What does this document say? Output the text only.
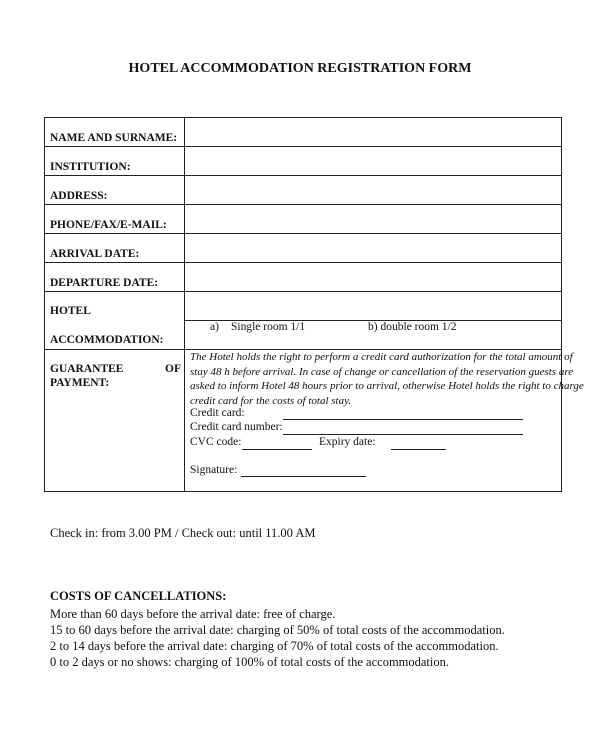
HOTEL ACCOMMODATION REGISTRATION FORM
NAME AND SURNAME:
INSTITUTION:
ADDRESS:
PHONE/FAX/E-MAIL:
ARRIVAL DATE:
DEPARTURE DATE:
HOTEL
ACCOMMODATION:
a) Single room 1/1	b) double room 1/2
GUARANTEE	OF
PAYMENT:
The Hotel holds the right to perform a credit card authorization for the total amount of
stay 48 h before arrival. In case of change or cancellation of the reservation guests are
asked to inform Hotel 48 hours prior to arrival, otherwise Hotel holds the right to charge
credit card for the costs of total stay.
Credit card:
Credit card number:
CVC code:	Expiry date:
Signature:
Check in: from 3.00 PM / Check out: until 11.00 AM
COSTS OF CANCELLATIONS:
More than 60 days before the arrival date: free of charge.
15 to 60 days before the arrival date: charging of 50% of total costs of the accommodation.
2 to 14 days before the arrival date: charging of 70% of total costs of the accommodation.
0 to 2 days or no shows: charging of 100% of total costs of the accommodation.
